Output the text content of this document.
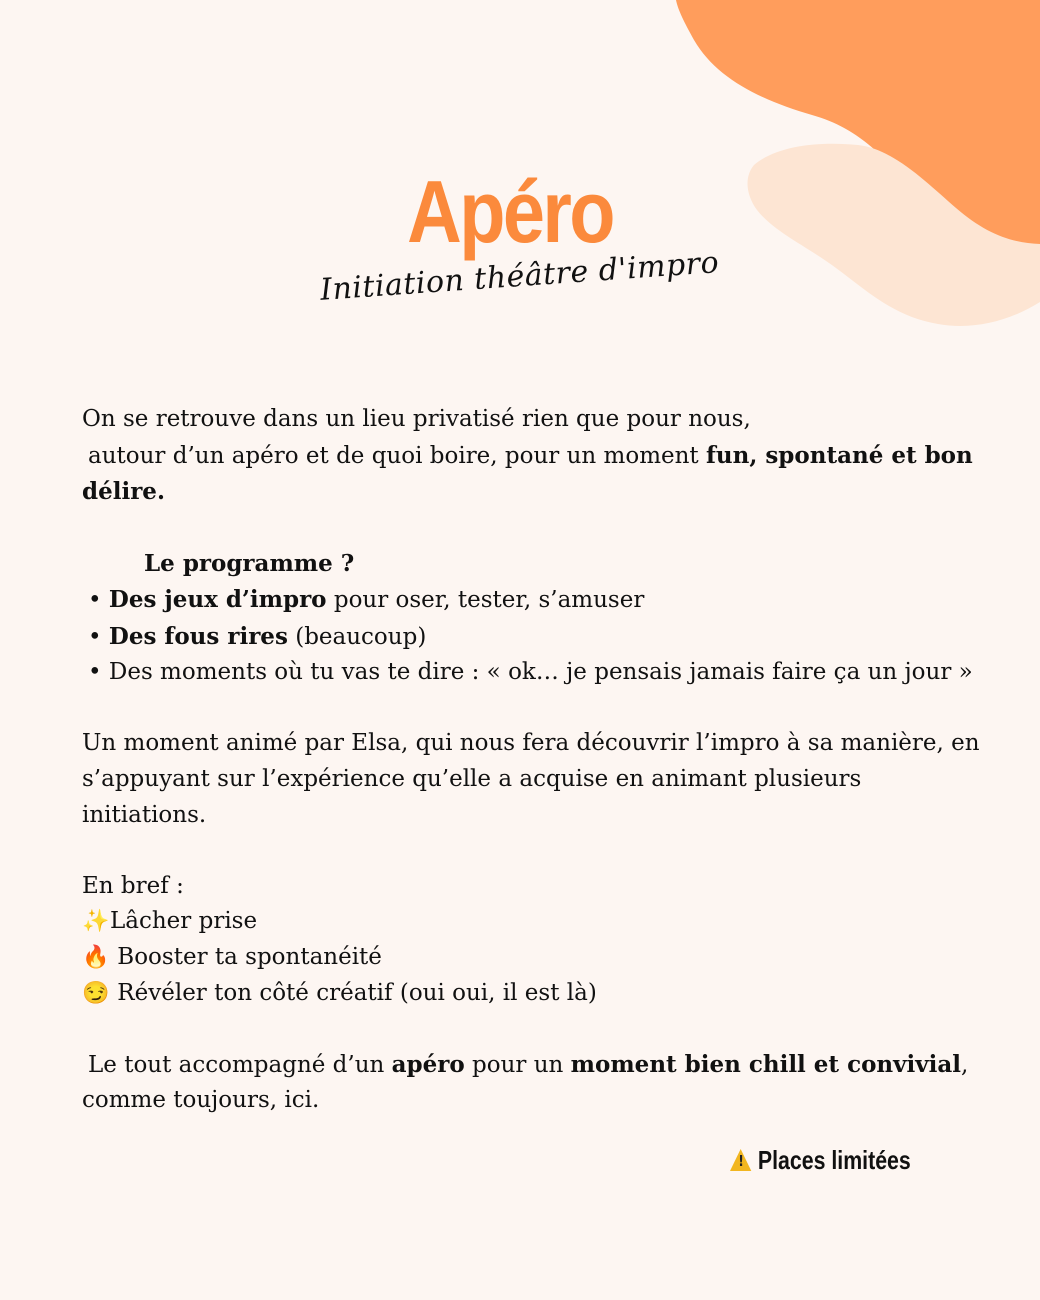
Apéro
Initiation théâtre d'impro
On se retrouve dans un lieu privatisé rien que pour nous,
autour d’un apéro et de quoi boire, pour un moment fun, spontané et bon
délire.
Le programme ?
• Des jeux d’impro pour oser, tester, s’amuser
• Des fous rires (beaucoup)
• Des moments où tu vas te dire : « ok… je pensais jamais faire ça un jour »
Un moment animé par Elsa, qui nous fera découvrir l’impro à sa manière, en
s’appuyant sur l’expérience qu’elle a acquise en animant plusieurs
initiations.
En bref :
✨Lâcher prise
🔥 Booster ta spontanéité
😏 Révéler ton côté créatif (oui oui, il est là)
Le tout accompagné d’un apéro pour un moment bien chill et convivial,
comme toujours, ici.
!Places limitées
